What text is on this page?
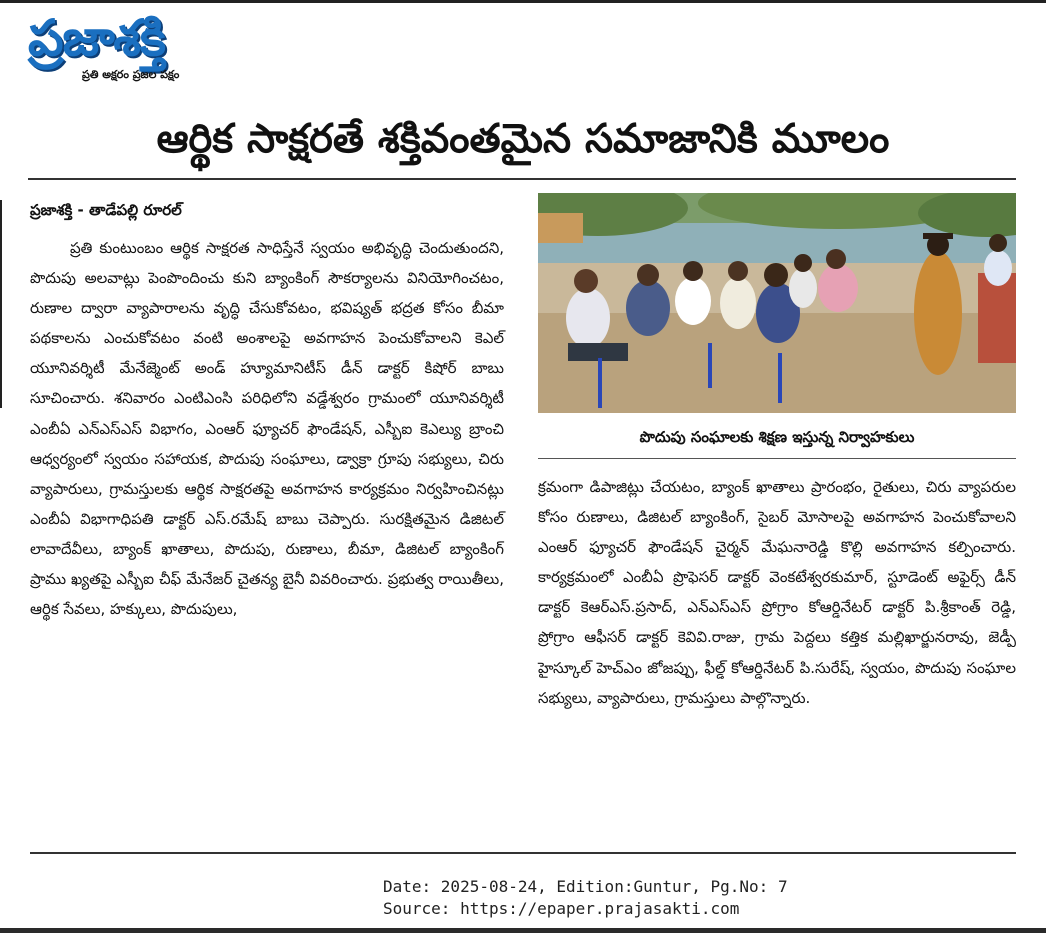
ప్రజాశక్తి
ప్రతి అక్షరం ప్రజల పక్షం
ఆర్థిక సాక్షరతే శక్తివంతమైన సమాజానికి మూలం
ప్రజాశక్తి - తాడేపల్లి రూరల్

ప్రతి కుంటుంబం ఆర్థిక సాక్షరత సాధిస్తేనే స్వయం అభివృద్ధి చెందుతుందని, పొదుపు అలవాట్లు పెంపొందించు కుని బ్యాంకింగ్ సౌకర్యాలను వినియోగించటం, రుణాల ద్వారా వ్యాపారాలను వృద్ధి చేసుకోవటం, భవిష్యత్ భద్రత కోసం బీమా పథకాలను ఎంచుకోవటం వంటి అంశాలపై అవగాహన పెంచుకోవాలని కెఎల్ యూనివర్శిటీ మేనేజ్మెంట్ అండ్ హ్యూమానిటీస్ డీన్ డాక్టర్ కిషోర్ బాబు సూచించారు. శనివారం ఎంటిఎంసి పరిధిలోని వడ్డేశ్వరం గ్రామంలో యూనివర్శిటీ ఎంబీఏ ఎన్ఎస్ఎస్ విభాగం, ఎంఆర్ ఫ్యూచర్ ఫౌండేషన్, ఎస్బీఐ కెఎల్యు బ్రాంచి ఆధ్వర్యంలో స్వయం సహాయక, పొదుపు సంఘాలు, డ్వాక్రా గ్రూపు సభ్యులు, చిరు వ్యాపారులు, గ్రామస్తులకు ఆర్థిక సాక్షరతపై అవగాహన కార్యక్రమం నిర్వహించినట్లు ఎంబీఏ విభాగాధిపతి డాక్టర్ ఎస్.రమేష్ బాబు చెప్పారు. సురక్షితమైన డిజిటల్ లావాదేవీలు, బ్యాంక్ ఖాతాలు, పొదుపు, రుణాలు, బీమా, డిజిటల్ బ్యాంకింగ్ ప్రాము ఖ్యతపై ఎస్బీఐ చీఫ్ మేనేజర్ చైతన్య బైనీ వివరించారు. ప్రభుత్వ రాయితీలు, ఆర్థిక సేవలు, హక్కులు, పొదుపులు,

పొదుపు సంఘాలకు శిక్షణ ఇస్తున్న నిర్వాహకులు

క్రమంగా డిపాజిట్లు చేయటం, బ్యాంక్ ఖాతాలు ప్రారంభం, రైతులు, చిరు వ్యాపరుల కోసం రుణాలు, డిజిటల్ బ్యాంకింగ్, సైబర్ మోసాలపై అవగాహన పెంచుకోవాలని ఎంఆర్ ఫ్యూచర్ ఫౌండేషన్ చైర్మన్ మేఘనారెడ్డి కొల్లి అవగాహన కల్పించారు. కార్యక్రమంలో ఎంబీఏ ప్రొఫెసర్ డాక్టర్ వెంకటేశ్వరకుమార్, స్టూడెంట్ అఫైర్స్ డీన్ డాక్టర్ కెఆర్ఎస్.ప్రసాద్, ఎన్ఎస్ఎస్ ప్రోగ్రాం కోఆర్డినేటర్ డాక్టర్ పి.శ్రీకాంత్ రెడ్డి, ప్రోగ్రాం ఆఫీసర్ డాక్టర్ కెవివి.రాజు, గ్రామ పెద్దలు కత్తిక మల్లిఖార్జునరావు, జెడ్పీ హైస్కూల్ హెచ్ఎం జోజప్పు, ఫీల్డ్ కోఆర్డినేటర్ పి.సురేష్, స్వయం, పొదుపు సంఘాల సభ్యులు, వ్యాపారులు, గ్రామస్తులు పాల్గొన్నారు.

Date: 2025-08-24, Edition:Guntur, Pg.No: 7
Source: https://epaper.prajasakti.com
